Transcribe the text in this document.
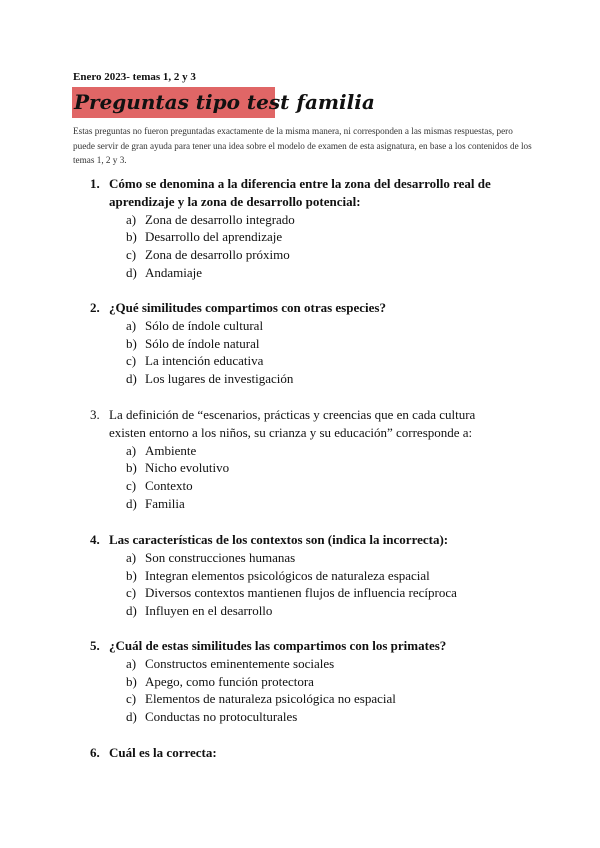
Enero 2023- temas 1, 2 y 3
Preguntas tipo test familia
Estas preguntas no fueron preguntadas exactamente de la misma manera, ni corresponden a las mismas respuestas, pero puede servir de gran ayuda para tener una idea sobre el modelo de examen de esta asignatura, en base a los contenidos de los temas 1, 2 y 3.
1. Cómo se denomina a la diferencia entre la zona del desarrollo real de aprendizaje y la zona de desarrollo potencial:
a) Zona de desarrollo integrado
b) Desarrollo del aprendizaje
c) Zona de desarrollo próximo
d) Andamiaje
2. ¿Qué similitudes compartimos con otras especies?
a) Sólo de índole cultural
b) Sólo de índole natural
c) La intención educativa
d) Los lugares de investigación
3. La definición de “escenarios, prácticas y creencias que en cada cultura existen entorno a los niños, su crianza y su educación” corresponde a:
a) Ambiente
b) Nicho evolutivo
c) Contexto
d) Familia
4. Las características de los contextos son (indica la incorrecta):
a) Son construcciones humanas
b) Integran elementos psicológicos de naturaleza espacial
c) Diversos contextos mantienen flujos de influencia recíproca
d) Influyen en el desarrollo
5. ¿Cuál de estas similitudes las compartimos con los primates?
a) Constructos eminentemente sociales
b) Apego, como función protectora
c) Elementos de naturaleza psicológica no espacial
d) Conductas no protoculturales
6. Cuál es la correcta:
